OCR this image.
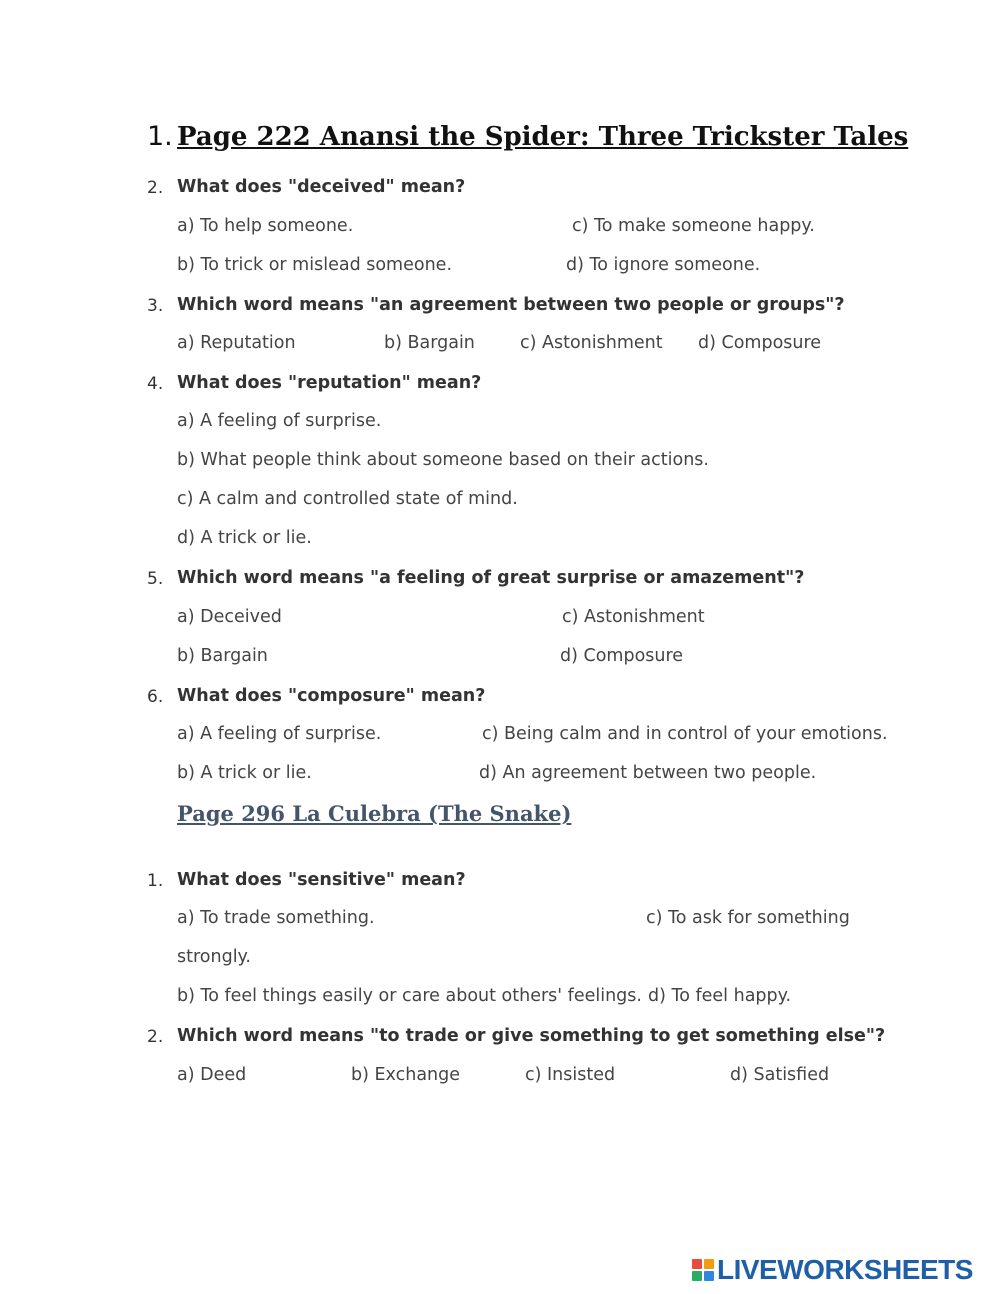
1. Page 222 Anansi the Spider: Three Trickster Tales
2. What does "deceived" mean?
a) To help someone.	c) To make someone happy.
b) To trick or mislead someone.	d) To ignore someone.
3. Which word means "an agreement between two people or groups"?
a) Reputation	b) Bargain	c) Astonishment d) Composure
4. What does "reputation" mean?
a) A feeling of surprise.
b) What people think about someone based on their actions.
c) A calm and controlled state of mind.
d) A trick or lie.
5. Which word means "a feeling of great surprise or amazement"?
a) Deceived	c) Astonishment
b) Bargain	d) Composure
6. What does "composure" mean?
a) A feeling of surprise.	c) Being calm and in control of your emotions.
b) A trick or lie.	d) An agreement between two people.
Page 296 La Culebra (The Snake)
1. What does "sensitive" mean?
a) To trade something.	c) To ask for something
strongly.
b) To feel things easily or care about others' feelings. d) To feel happy.
2. Which word means "to trade or give something to get something else"?
a) Deed	b) Exchange	c) Insisted	d) Satisfied
LIVEWORKSHEETS
